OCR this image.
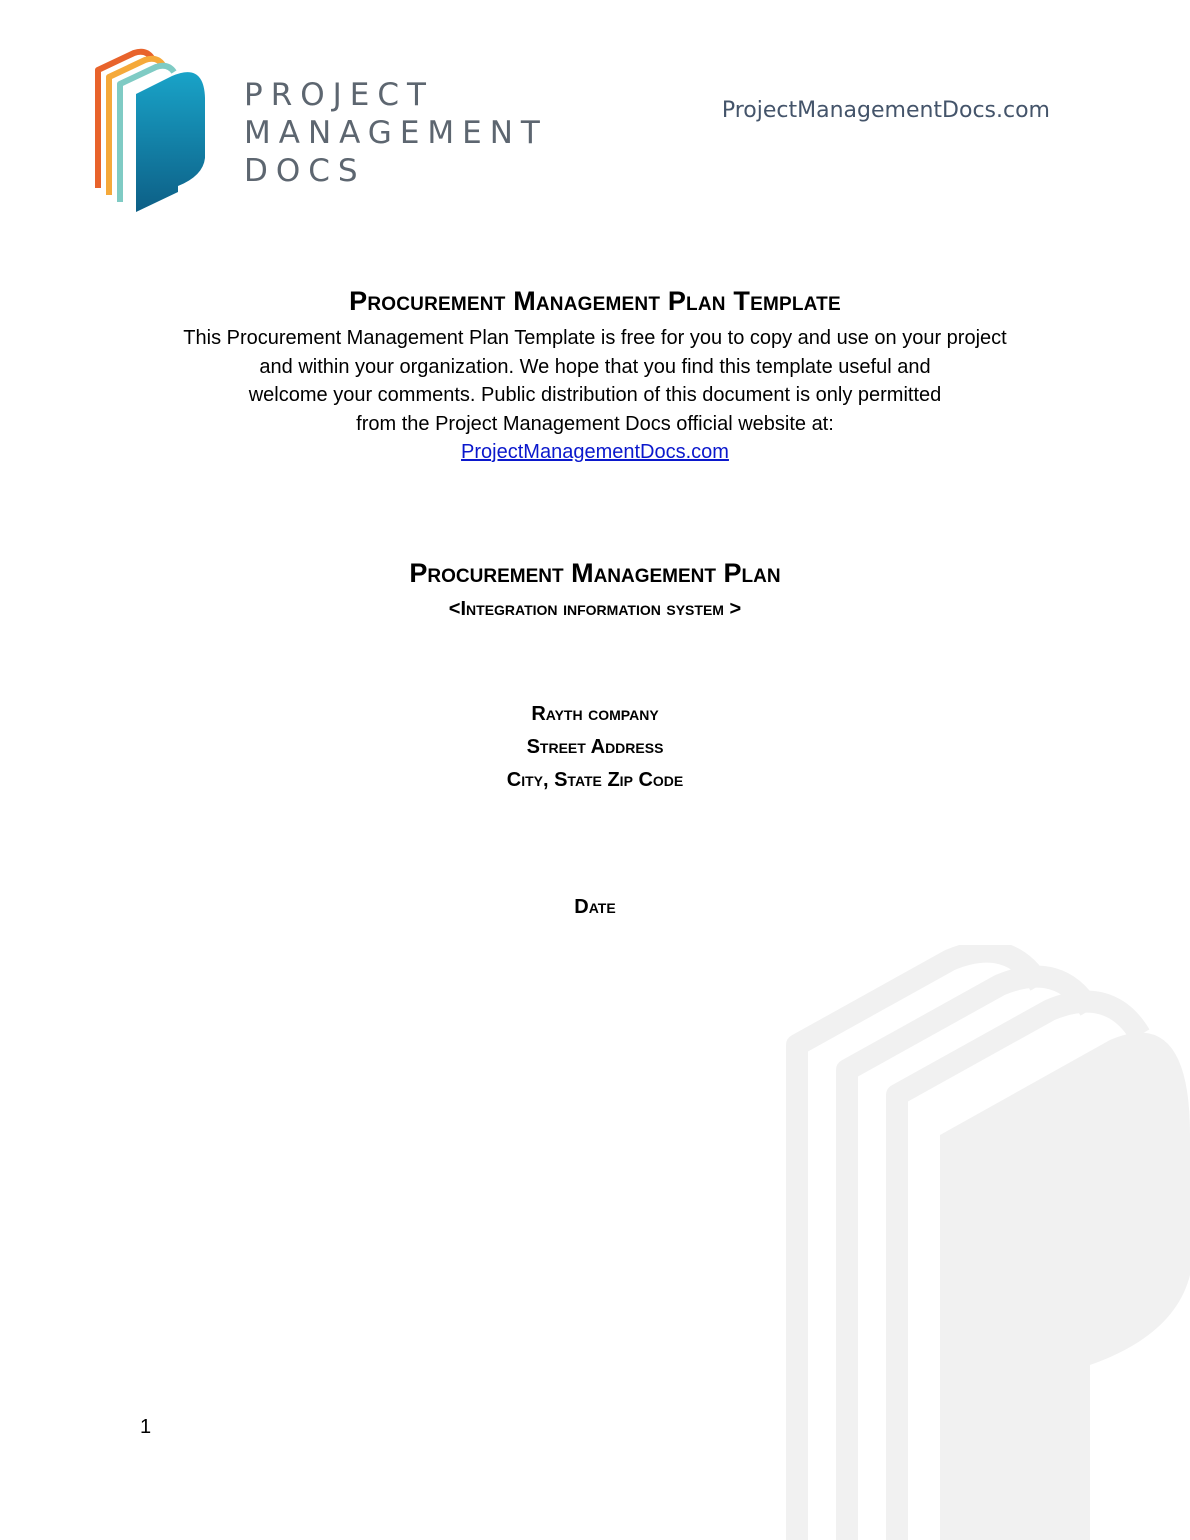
PROJECT
MANAGEMENT
DOCS
ProjectManagementDocs.com
Procurement Management Plan Template
This Procurement Management Plan Template is free for you to copy and use on your project
and within your organization. We hope that you find this template useful and
welcome your comments. Public distribution of this document is only permitted
from the Project Management Docs official website at:
ProjectManagementDocs.com
Procurement Management Plan
<Integration information system >
Rayth company
Street Address
City, State Zip Code
Date
1
